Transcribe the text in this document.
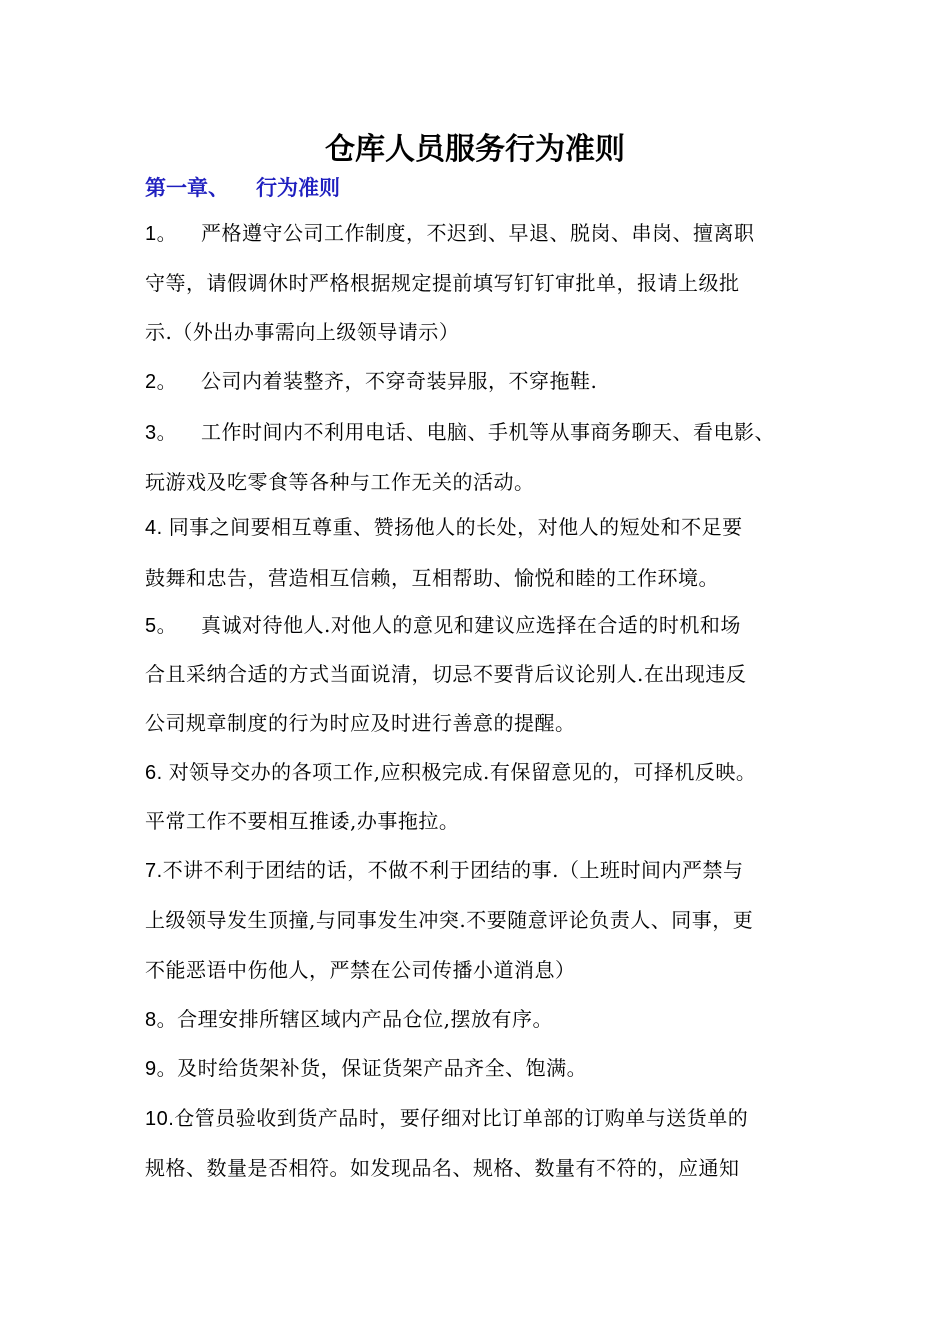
仓库人员服务行为准则
第一章、 行为准则
1。 严格遵守公司工作制度，不迟到、早退、脱岗、串岗、擅离职
守等，请假调休时严格根据规定提前填写钉钉审批单，报请上级批
示.（外出办事需向上级领导请示）
2。 公司内着装整齐，不穿奇装异服，不穿拖鞋.
3。 工作时间内不利用电话、电脑、手机等从事商务聊天、看电影、
玩游戏及吃零食等各种与工作无关的活动。
4. 同事之间要相互尊重、赞扬他人的长处，对他人的短处和不足要
鼓舞和忠告，营造相互信赖，互相帮助、愉悦和睦的工作环境。
5。 真诚对待他人.对他人的意见和建议应选择在合适的时机和场
合且采纳合适的方式当面说清，切忌不要背后议论别人.在出现违反
公司规章制度的行为时应及时进行善意的提醒。
6. 对领导交办的各项工作,应积极完成.有保留意见的，可择机反映。
平常工作不要相互推诿,办事拖拉。
7.不讲不利于团结的话，不做不利于团结的事.（上班时间内严禁与
上级领导发生顶撞,与同事发生冲突.不要随意评论负责人、同事，更
不能恶语中伤他人，严禁在公司传播小道消息）
8。合理安排所辖区域内产品仓位,摆放有序。
9。及时给货架补货，保证货架产品齐全、饱满。
10.仓管员验收到货产品时，要仔细对比订单部的订购单与送货单的
规格、数量是否相符。如发现品名、规格、数量有不符的，应通知
